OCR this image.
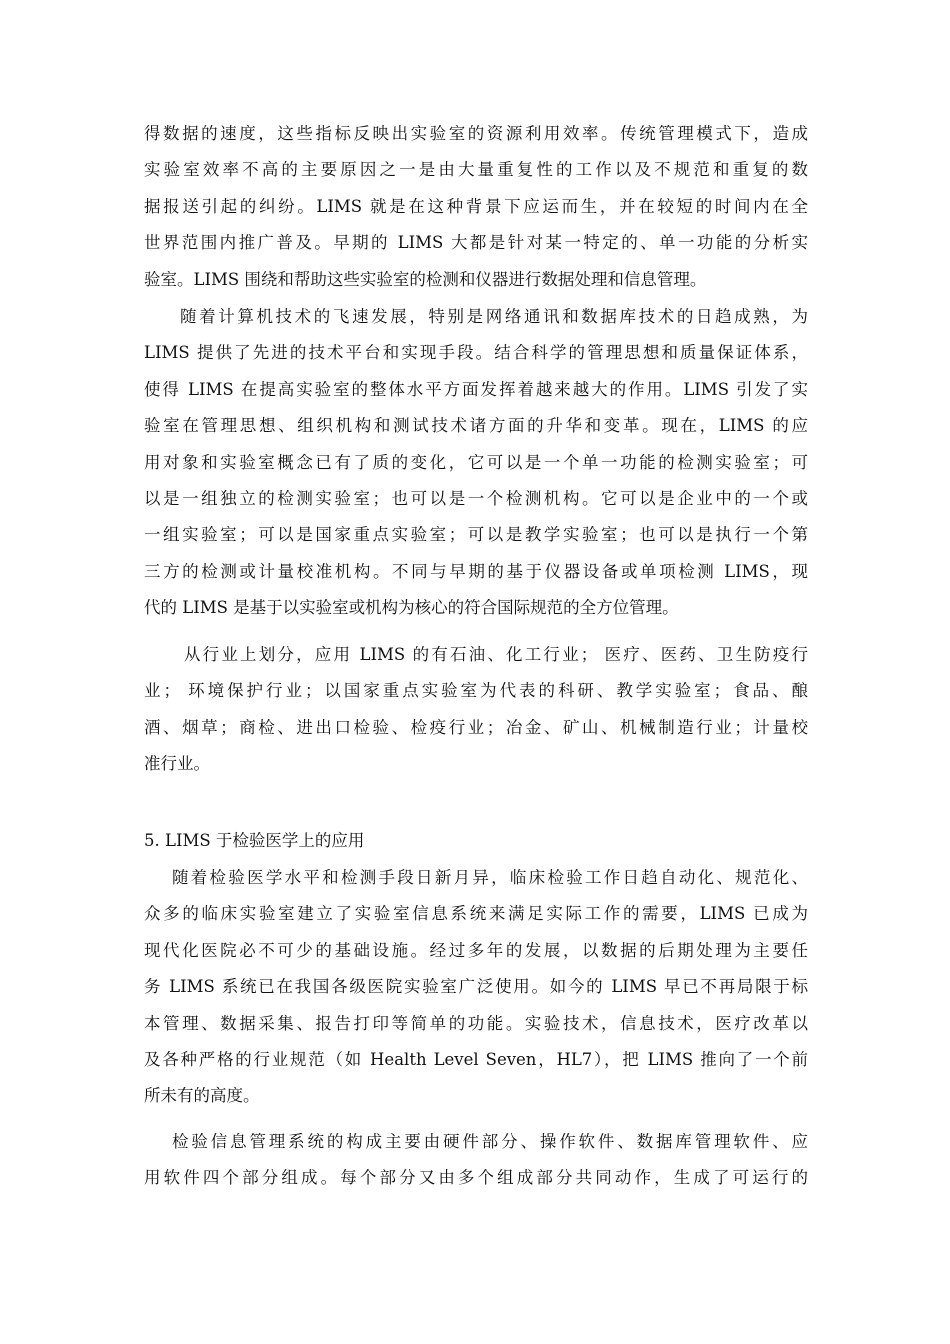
得数据的速度，这些指标反映出实验室的资源利用效率。传统管理模式下，造成
实验室效率不高的主要原因之一是由大量重复性的工作以及不规范和重复的数
据报送引起的纠纷。LIMS 就是在这种背景下应运而生，并在较短的时间内在全
世界范围内推广普及。早期的 LIMS 大都是针对某一特定的、单一功能的分析实
验室。LIMS 围绕和帮助这些实验室的检测和仪器进行数据处理和信息管理。
随着计算机技术的飞速发展，特别是网络通讯和数据库技术的日趋成熟，为
LIMS 提供了先进的技术平台和实现手段。结合科学的管理思想和质量保证体系，
使得 LIMS 在提高实验室的整体水平方面发挥着越来越大的作用。LIMS 引发了实
验室在管理思想、组织机构和测试技术诸方面的升华和变革。现在，LIMS 的应
用对象和实验室概念已有了质的变化，它可以是一个单一功能的检测实验室；可
以是一组独立的检测实验室；也可以是一个检测机构。它可以是企业中的一个或
一组实验室；可以是国家重点实验室；可以是教学实验室；也可以是执行一个第
三方的检测或计量校准机构。不同与早期的基于仪器设备或单项检测 LIMS，现
代的 LIMS 是基于以实验室或机构为核心的符合国际规范的全方位管理。
从行业上划分，应用 LIMS 的有石油、化工行业； 医疗、医药、卫生防疫行
业； 环境保护行业；以国家重点实验室为代表的科研、教学实验室；食品、酿
酒、烟草；商检、进出口检验、检疫行业；冶金、矿山、机械制造行业；计量校
准行业。
5. LIMS 于检验医学上的应用
随着检验医学水平和检测手段日新月异，临床检验工作日趋自动化、规范化、
众多的临床实验室建立了实验室信息系统来满足实际工作的需要，LIMS 已成为
现代化医院必不可少的基础设施。经过多年的发展，以数据的后期处理为主要任
务 LIMS 系统已在我国各级医院实验室广泛使用。如今的 LIMS 早已不再局限于标
本管理、数据采集、报告打印等简单的功能。实验技术，信息技术，医疗改革以
及各种严格的行业规范（如 Health Level Seven，HL7），把 LIMS 推向了一个前
所未有的高度。
检验信息管理系统的构成主要由硬件部分、操作软件、数据库管理软件、应
用软件四个部分组成。每个部分又由多个组成部分共同动作，生成了可运行的
